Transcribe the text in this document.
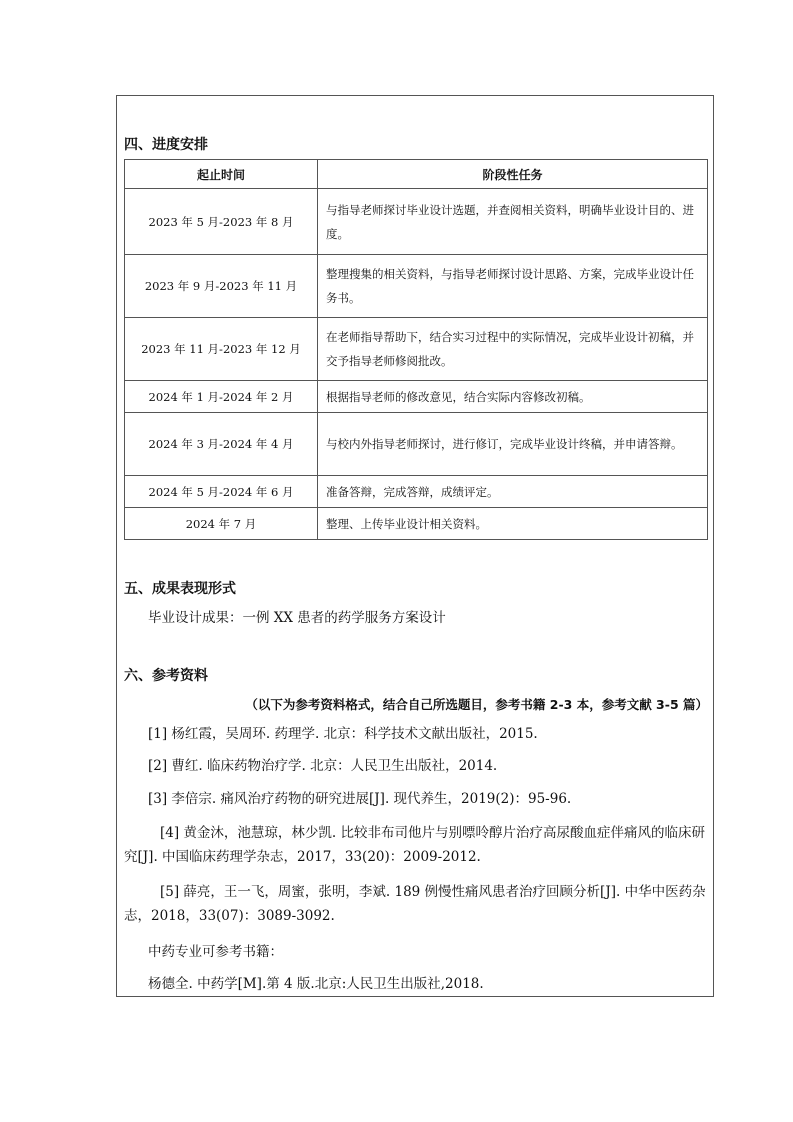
四、进度安排
起止时间	阶段性任务
2023 年 5 月-2023 年 8 月	与指导老师探讨毕业设计选题，并查阅相关资料，明确毕业设计目的、进度。
2023 年 9 月-2023 年 11 月	整理搜集的相关资料，与指导老师探讨设计思路、方案，完成毕业设计任务书。
2023 年 11 月-2023 年 12 月	在老师指导帮助下，结合实习过程中的实际情况，完成毕业设计初稿，并交予指导老师修阅批改。
2024 年 1 月-2024 年 2 月	根据指导老师的修改意见，结合实际内容修改初稿。
2024 年 3 月-2024 年 4 月	与校内外指导老师探讨，进行修订，完成毕业设计终稿，并申请答辩。
2024 年 5 月-2024 年 6 月	准备答辩，完成答辩，成绩评定。
2024 年 7 月	整理、上传毕业设计相关资料。
五、成果表现形式
毕业设计成果：一例 XX 患者的药学服务方案设计
六、参考资料
（以下为参考资料格式，结合自己所选题目，参考书籍 2-3 本，参考文献 3-5 篇）
[1] 杨红霞，吴周环. 药理学. 北京：科学技术文献出版社，2015.
[2] 曹红. 临床药物治疗学. 北京：人民卫生出版社，2014.
[3] 李倍宗. 痛风治疗药物的研究进展[J]. 现代养生，2019(2)：95-96.
[4] 黄金沐，池慧琼，林少凯. 比较非布司他片与别嘌呤醇片治疗高尿酸血症伴痛风的临床研究[J]. 中国临床药理学杂志，2017，33(20)：2009-2012.
[5] 薛亮，王一飞，周蜜，张明，李斌. 189 例慢性痛风患者治疗回顾分析[J]. 中华中医药杂志，2018，33(07)：3089-3092.
中药专业可参考书籍：
杨德全. 中药学[M].第 4 版.北京:人民卫生出版社,2018.
